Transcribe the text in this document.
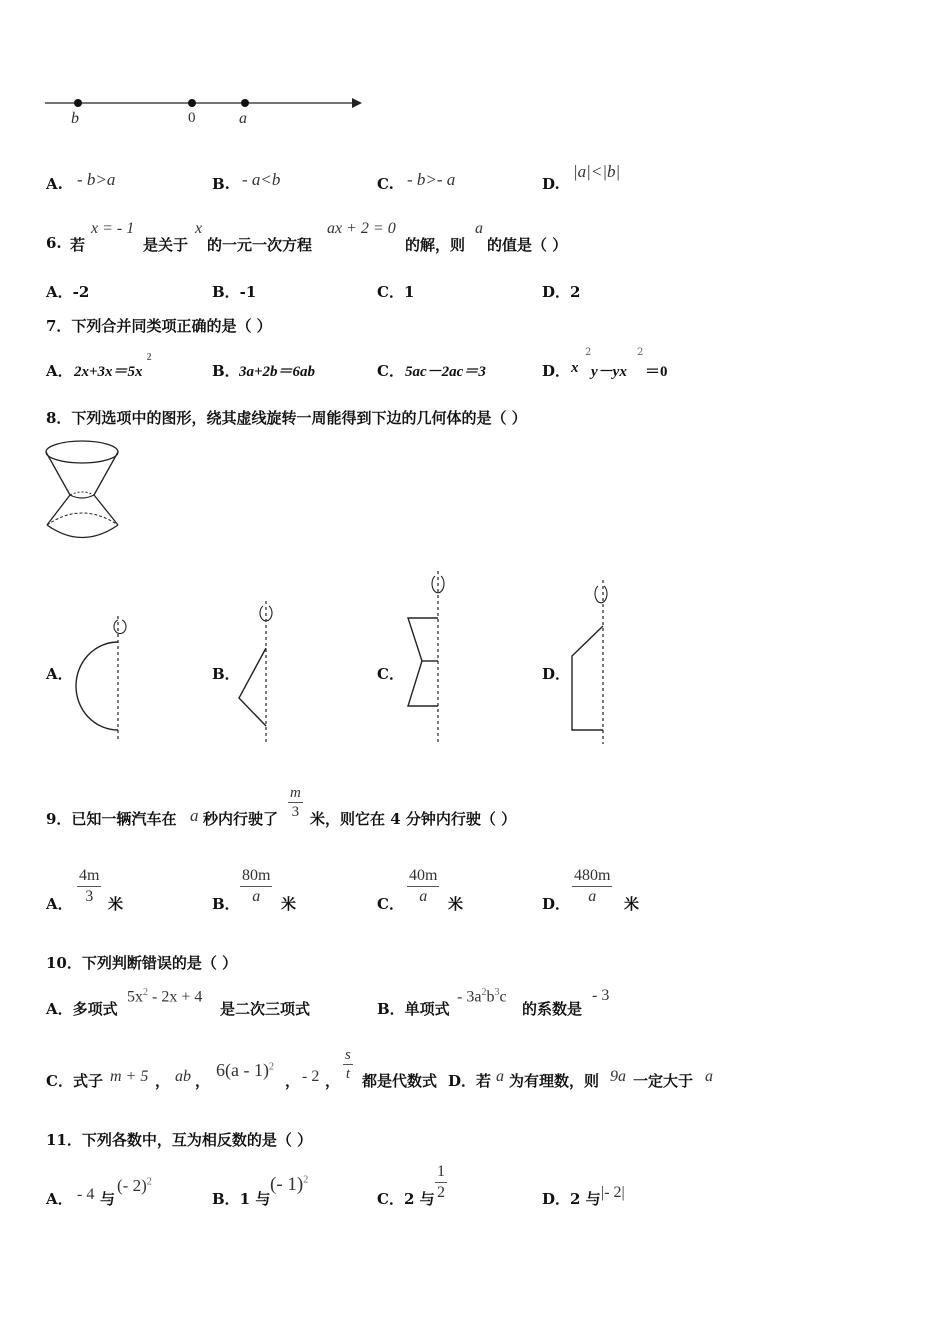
b	0	a
A. - b>a	B. - a<b	C. - b>- a	D.
|a|<|b|
6. 若
x = - 1
是关于
x
的一元一次方程
ax + 2 = 0
的解，则
a
的值是（ ）
A．-2	B．-1	C．1	D．2
7．下列合并同类项正确的是（ ）
A． $2x+3x=5x^2$
B． 3a+2b＝6ab	C． 5ac－2ac＝3	D． x
2
y－yx
2
＝0
8．下列选项中的图形，绕其虚线旋转一周能得到下边的几何体的是（ ）
A．	B．	C．	D．
9．已知一辆汽车在 a 秒内行驶了
m
3 米，则它在 4 分钟内行驶（ ）
A．
4m
3 米	B．
80m
a	米	C．
40m
a	米	D．
480m
a	米
10．下列判断错误的是（ ）
A．多项式
$5x^2 - 2x + 4$
是二次三项式	B．单项式
- $3a^2b^3c$
的系数是
- 3
C．式子 m + 5 ， ab ，
6(a - 1)$^2$
， - 2 ，
s
t 都是代数式 D．若 a 为有理数，则 9a 一定大于 a
11．下列各数中，互为相反数的是（ ）
A． - 4 与
(- 2)$^2$
B．1 与
(- 1)$^2$
C．2 与
1
2	D．2 与 |- 2|
